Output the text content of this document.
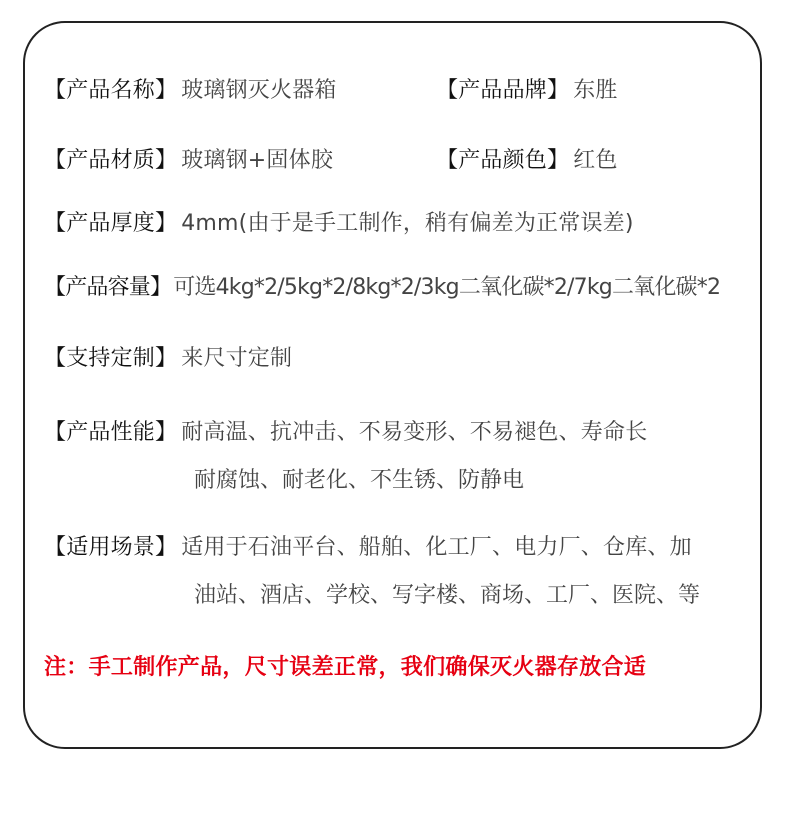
【产品名称】 玻璃钢灭火器箱	【产品品牌】 东胜
【产品材质】 玻璃钢+固体胶	【产品颜色】 红色
【产品厚度】 4mm(由于是手工制作，稍有偏差为正常误差)
【产品容量】可选4kg*2/5kg*2/8kg*2/3kg二氧化碳*2/7kg二氧化碳*2
【支持定制】 来尺寸定制
【产品性能】 耐高温、抗冲击、不易变形、不易褪色、寿命长
耐腐蚀、耐老化、不生锈、防静电
【适用场景】 适用于石油平台、船舶、化工厂、电力厂、仓库、加
油站、酒店、学校、写字楼、商场、工厂、医院、等
注：手工制作产品，尺寸误差正常，我们确保灭火器存放合适
